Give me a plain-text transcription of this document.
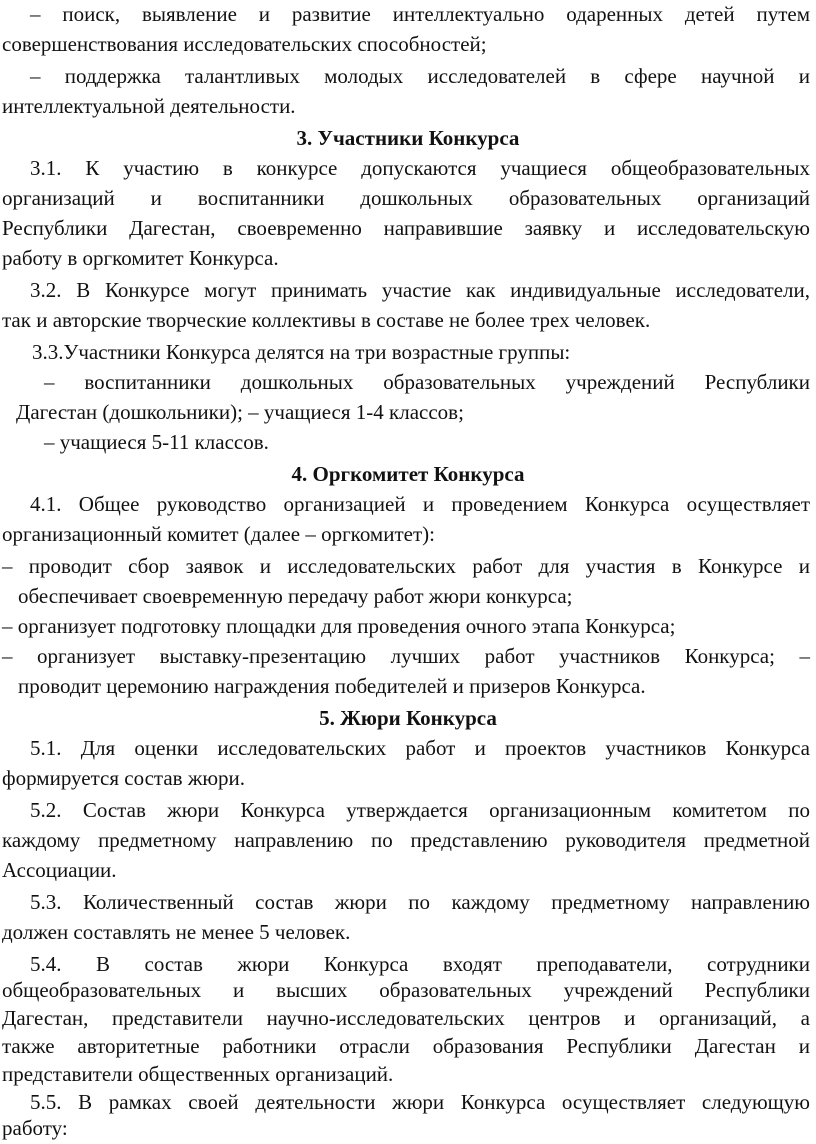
– поиск, выявление и развитие интеллектуально одаренных детей путем
совершенствования исследовательских способностей;
– поддержка талантливых молодых исследователей в сфере научной и
интеллектуальной деятельности.
3. Участники Конкурса
3.1. К участию в конкурсе допускаются учащиеся общеобразовательных
организаций и воспитанники дошкольных образовательных организаций
Республики Дагестан, своевременно направившие заявку и исследовательскую
работу в оргкомитет Конкурса.
3.2. В Конкурсе могут принимать участие как индивидуальные исследователи,
так и авторские творческие коллективы в составе не более трех человек.
3.3.Участники Конкурса делятся на три возрастные группы:
– воспитанники дошкольных образовательных учреждений Республики
Дагестан (дошкольники); – учащиеся 1-4 классов;
– учащиеся 5-11 классов.
4. Оргкомитет Конкурса
4.1. Общее руководство организацией и проведением Конкурса осуществляет
организационный комитет (далее – оргкомитет):
– проводит сбор заявок и исследовательских работ для участия в Конкурсе и
обеспечивает своевременную передачу работ жюри конкурса;
– организует подготовку площадки для проведения очного этапа Конкурса;
– организует выставку-презентацию лучших работ участников Конкурса; –
проводит церемонию награждения победителей и призеров Конкурса.
5. Жюри Конкурса
5.1. Для оценки исследовательских работ и проектов участников Конкурса
формируется состав жюри.
5.2. Состав жюри Конкурса утверждается организационным комитетом по
каждому предметному направлению по представлению руководителя предметной
Ассоциации.
5.3. Количественный состав жюри по каждому предметному направлению
должен составлять не менее 5 человек.
5.4. В состав жюри Конкурса входят преподаватели, сотрудники
общеобразовательных и высших образовательных учреждений Республики
Дагестан, представители научно-исследовательских центров и организаций, а
также авторитетные работники отрасли образования Республики Дагестан и
представители общественных организаций.
5.5. В рамках своей деятельности жюри Конкурса осуществляет следующую
работу:
